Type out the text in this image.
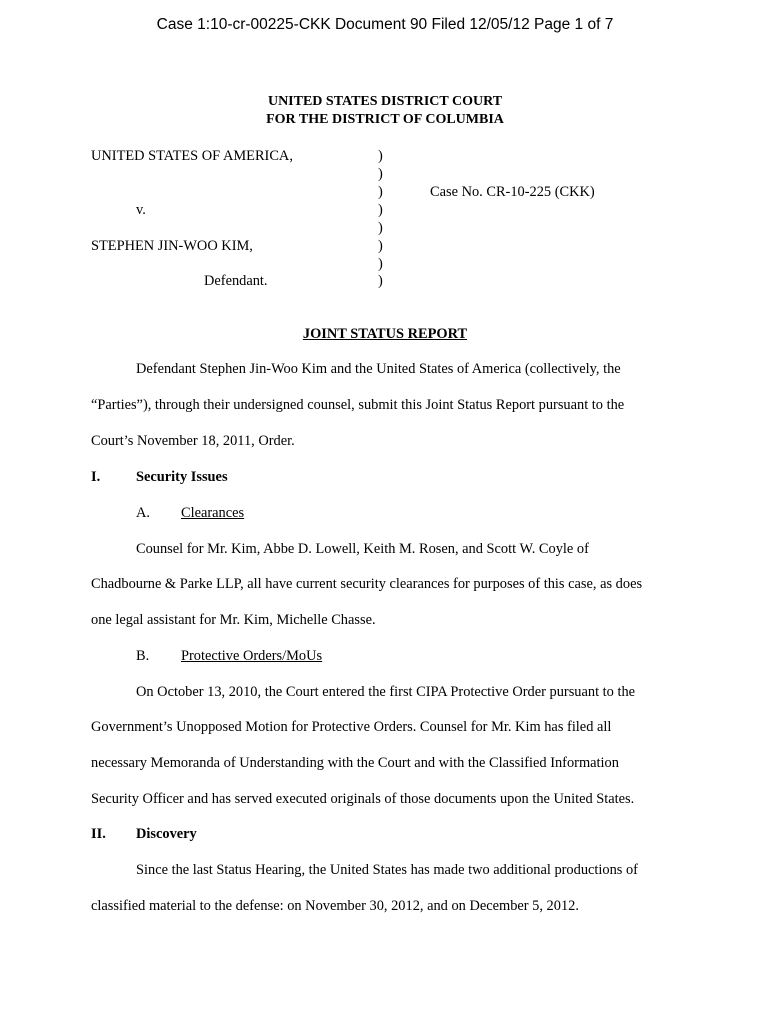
Case 1:10-cr-00225-CKK Document 90 Filed 12/05/12 Page 1 of 7
UNITED STATES DISTRICT COURT
FOR THE DISTRICT OF COLUMBIA
UNITED STATES OF AMERICA,
v.
STEPHEN JIN-WOO KIM,
Defendant.
Case No. CR-10-225 (CKK)
)
)
)
)
)
)
)
)
JOINT STATUS REPORT
Defendant Stephen Jin-Woo Kim and the United States of America (collectively, the
“Parties”), through their undersigned counsel, submit this Joint Status Report pursuant to the
Court’s November 18, 2011, Order.
I. Security Issues
A. Clearances
Counsel for Mr. Kim, Abbe D. Lowell, Keith M. Rosen, and Scott W. Coyle of
Chadbourne & Parke LLP, all have current security clearances for purposes of this case, as does
one legal assistant for Mr. Kim, Michelle Chasse.
B. Protective Orders/MoUs
On October 13, 2010, the Court entered the first CIPA Protective Order pursuant to the
Government’s Unopposed Motion for Protective Orders. Counsel for Mr. Kim has filed all
necessary Memoranda of Understanding with the Court and with the Classified Information
Security Officer and has served executed originals of those documents upon the United States.
II. Discovery
Since the last Status Hearing, the United States has made two additional productions of
classified material to the defense: on November 30, 2012, and on December 5, 2012.
